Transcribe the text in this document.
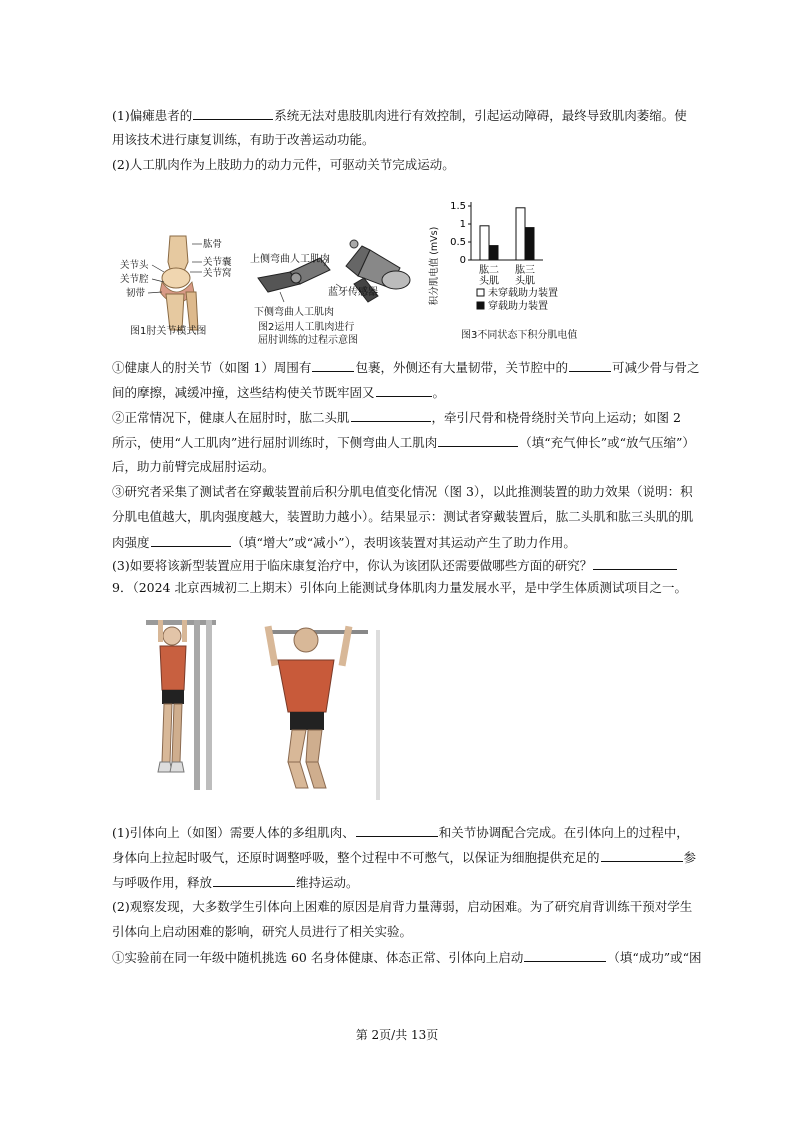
(1)偏瘫患者的	系统无法对患肢肌肉进行有效控制，引起运动障碍，最终导致肌肉萎缩。使
用该技术进行康复训练，有助于改善运动功能。
(2)人工肌肉作为上肢助力的动力元件，可驱动关节完成运动。
肱骨
关节头	关节囊
关节腔
关节窝
韧带
图1肘关节模式图
上侧弯曲人工肌肉
蓝牙传感器
下侧弯曲人工肌肉
图2运用人工肌肉进行
屈肘训练的过程示意图
积分肌电值 (mVs) 0
0.5
1
1.5
肱二
头肌
肱三
头肌
未穿载助力装置
穿载助力装置
图3不同状态下积分肌电值
①健康人的肘关节（如图 1）周围有	包裹，外侧还有大量韧带，关节腔中的	可减少骨与骨之
间的摩擦，减缓冲撞，这些结构使关节既牢固又	。
②正常情况下，健康人在屈肘时，肱二头肌	，牵引尺骨和桡骨绕肘关节向上运动；如图 2
所示，使用“人工肌肉”进行屈肘训练时，下侧弯曲人工肌肉	（填“充气伸长”或“放气压缩”）
后，助力前臂完成屈肘运动。
③研究者采集了测试者在穿戴装置前后积分肌电值变化情况（图 3），以此推测装置的助力效果（说明：积
分肌电值越大，肌肉强度越大，装置助力越小）。结果显示：测试者穿戴装置后，肱二头肌和肱三头肌的肌
肉强度	（填“增大”或“减小”），表明该装置对其运动产生了助力作用。
(3)如要将该新型装置应用于临床康复治疗中，你认为该团队还需要做哪些方面的研究？
9．（2024 北京西城初二上期末）引体向上能测试身体肌肉力量发展水平，是中学生体质测试项目之一。
(1)引体向上（如图）需要人体的多组肌肉、	和关节协调配合完成。在引体向上的过程中，
身体向上拉起时吸气，还原时调整呼吸，整个过程中不可憋气，以保证为细胞提供充足的	参
与呼吸作用，释放	维持运动。
(2)观察发现，大多数学生引体向上困难的原因是肩背力量薄弱，启动困难。为了研究肩背训练干预对学生
引体向上启动困难的影响，研究人员进行了相关实验。
①实验前在同一年级中随机挑选 60 名身体健康、体态正常、引体向上启动	（填“成功”或“困
第 2页/共 13页
